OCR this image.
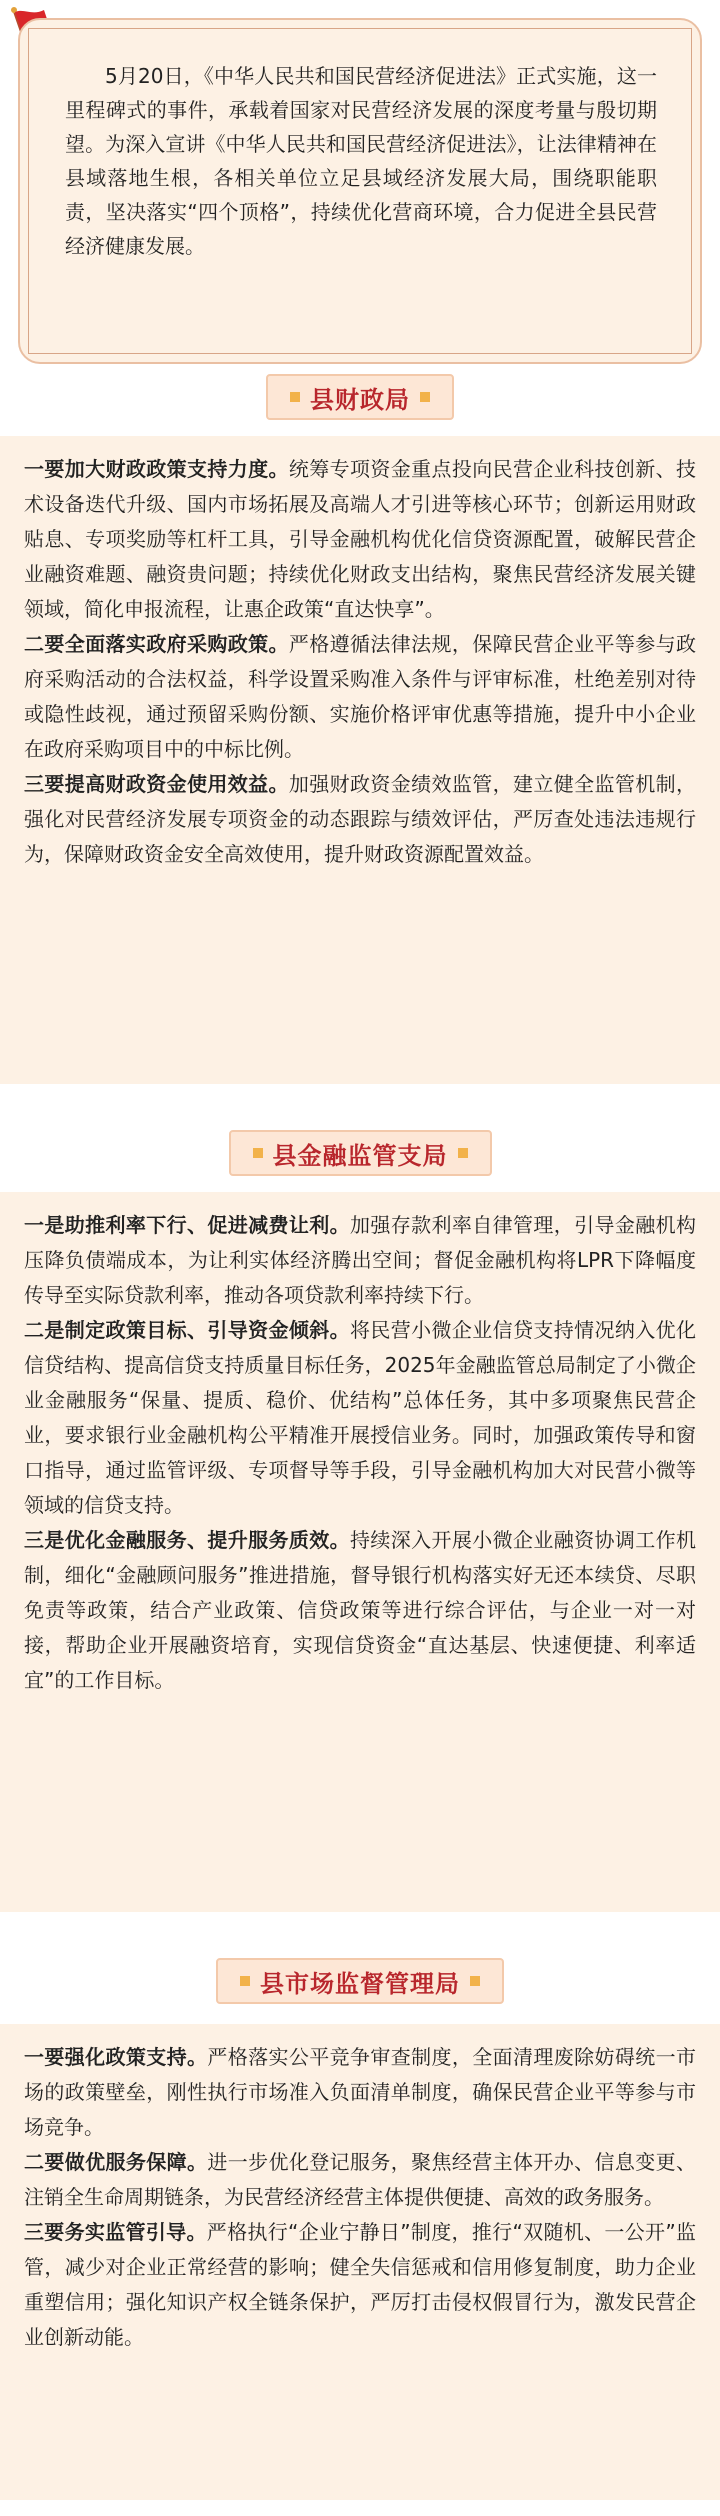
5月20日，《中华人民共和国民营经济促进法》正式实施，这一里程碑式的事件，承载着国家对民营经济发展的深度考量与殷切期望。为深入宣讲《中华人民共和国民营经济促进法》，让法律精神在县域落地生根，各相关单位立足县域经济发展大局，围绕职能职责，坚决落实“四个顶格”，持续优化营商环境，合力促进全县民营经济健康发展。
县财政局

一要加大财政政策支持力度。统筹专项资金重点投向民营企业科技创新、技术设备迭代升级、国内市场拓展及高端人才引进等核心环节；创新运用财政贴息、专项奖励等杠杆工具，引导金融机构优化信贷资源配置，破解民营企业融资难题、融资贵问题；持续优化财政支出结构，聚焦民营经济发展关键领域，简化申报流程，让惠企政策“直达快享”。

二要全面落实政府采购政策。严格遵循法律法规，保障民营企业平等参与政府采购活动的合法权益，科学设置采购准入条件与评审标准，杜绝差别对待或隐性歧视，通过预留采购份额、实施价格评审优惠等措施，提升中小企业在政府采购项目中的中标比例。

三要提高财政资金使用效益。加强财政资金绩效监管，建立健全监管机制，强化对民营经济发展专项资金的动态跟踪与绩效评估，严厉查处违法违规行为，保障财政资金安全高效使用，提升财政资源配置效益。

县金融监管支局

一是助推利率下行、促进减费让利。加强存款利率自律管理，引导金融机构压降负债端成本，为让利实体经济腾出空间；督促金融机构将LPR下降幅度传导至实际贷款利率，推动各项贷款利率持续下行。

二是制定政策目标、引导资金倾斜。将民营小微企业信贷支持情况纳入优化信贷结构、提高信贷支持质量目标任务，2025年金融监管总局制定了小微企业金融服务“保量、提质、稳价、优结构”总体任务，其中多项聚焦民营企业，要求银行业金融机构公平精准开展授信业务。同时，加强政策传导和窗口指导，通过监管评级、专项督导等手段，引导金融机构加大对民营小微等领域的信贷支持。

三是优化金融服务、提升服务质效。持续深入开展小微企业融资协调工作机制，细化“金融顾问服务”推进措施，督导银行机构落实好无还本续贷、尽职免责等政策，结合产业政策、信贷政策等进行综合评估，与企业一对一对接，帮助企业开展融资培育，实现信贷资金“直达基层、快速便捷、利率适宜”的工作目标。

县市场监督管理局

一要强化政策支持。严格落实公平竞争审查制度，全面清理废除妨碍统一市场的政策壁垒，刚性执行市场准入负面清单制度，确保民营企业平等参与市场竞争。

二要做优服务保障。进一步优化登记服务，聚焦经营主体开办、信息变更、注销全生命周期链条，为民营经济经营主体提供便捷、高效的政务服务。

三要务实监管引导。严格执行“企业宁静日”制度，推行“双随机、一公开”监管，减少对企业正常经营的影响；健全失信惩戒和信用修复制度，助力企业重塑信用；强化知识产权全链条保护，严厉打击侵权假冒行为，激发民营企业创新动能。
